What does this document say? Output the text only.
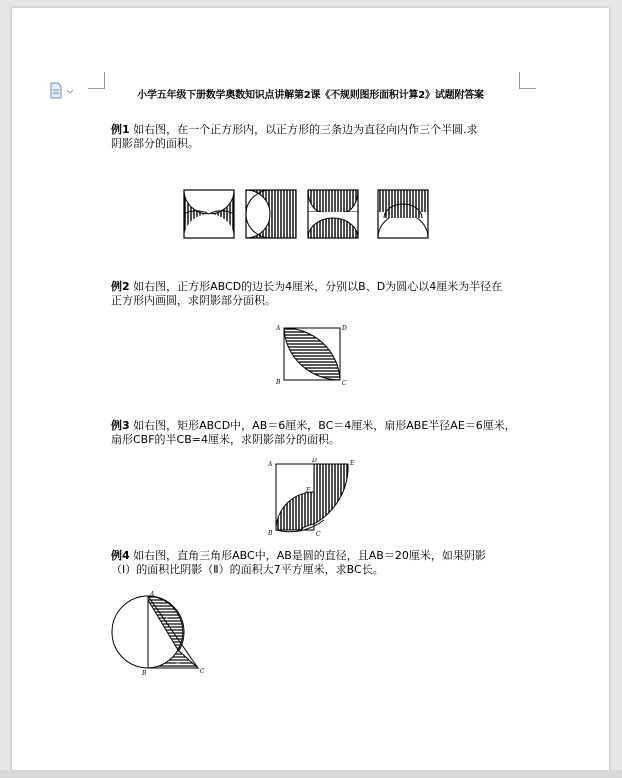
小学五年级下册数学奥数知识点讲解第2课《不规则图形面积计算2》试题附答案
例1 如右图，在一个正方形内，以正方形的三条边为直径向内作三个半圆.求
阴影部分的面积。
例2 如右图，正方形ABCD的边长为4厘米，分别以B、D为圆心以4厘米为半径在
正方形内画圆，求阴影部分面积。
A	D
B	C
例3 如右图，矩形ABCD中，AB＝6厘米，BC＝4厘米，扇形ABE半径AE＝6厘米，
扇形CBF的半CB=4厘米，求阴影部分的面积。
A
D	E
F
B	C
例4 如右图，直角三角形ABC中，AB是圆的直径，且AB＝20厘米，如果阴影
（Ⅰ）的面积比阴影（Ⅱ）的面积大7平方厘米，求BC长。
A
B	C
I
II
